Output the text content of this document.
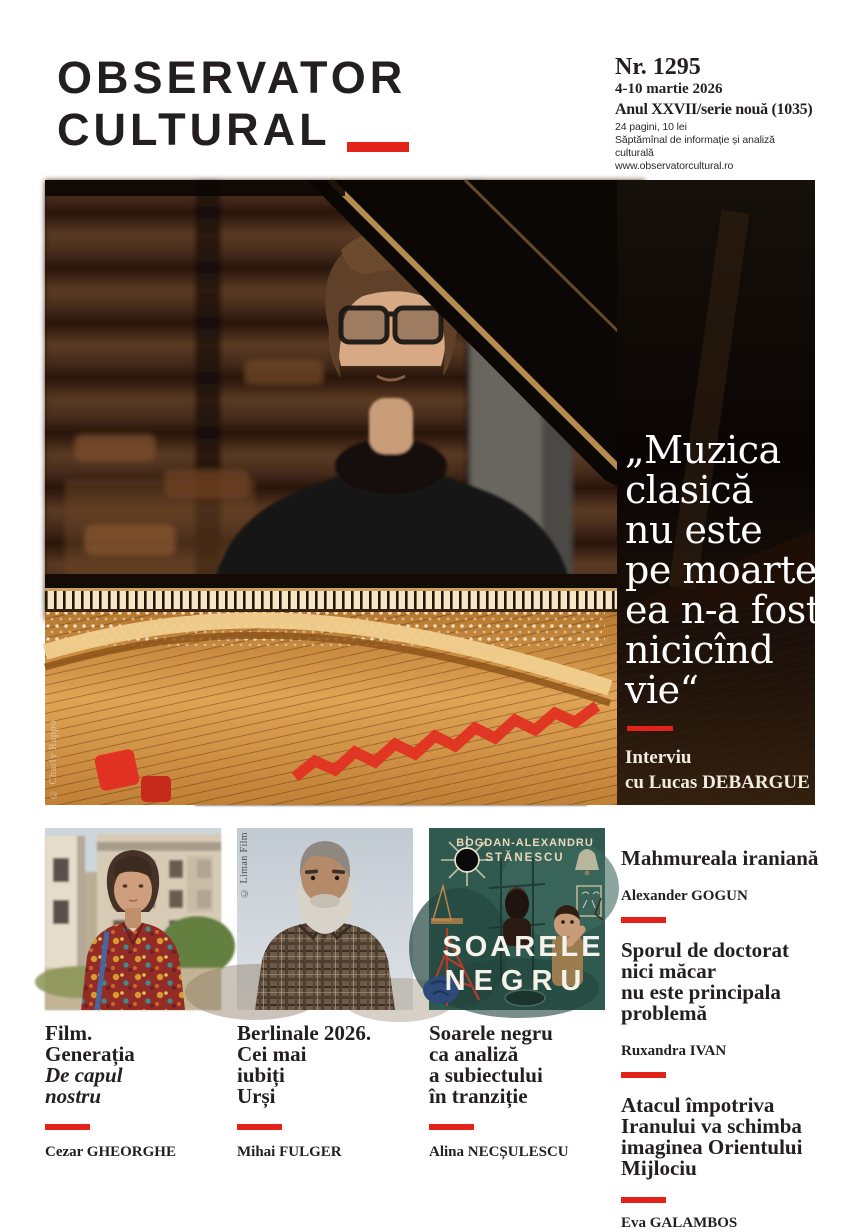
OBSERVATOR
CULTURAL
Nr. 1295
4-10 martie 2026
Anul XXVII/serie nouă (1035)
24 pagini, 10 lei
Săptămînal de informație și analiză culturală
www.observatorcultural.ro
© Charly Rappo
„Muzica
clasică
nu este
pe moarte,
ea n-a fost
nicicînd
vie“
Interviu
cu Lucas DEBARGUE
Film.
Generația
De capul
nostru
Cezar GHEORGHE
© Liman Film
Berlinale 2026.
Cei mai
iubiți
Urși
Mihai FULGER
BOGDAN-ALEXANDRU
STĂNESCU
SOARELE
NEGRU
Soarele negru
ca analiză
a subiectului
în tranziție
Alina NECȘULESCU
Mahmureala iraniană
Alexander GOGUN
Sporul de doctorat
nici măcar
nu este principala
problemă
Ruxandra IVAN
Atacul împotriva
Iranului va schimba
imaginea Orientului
Mijlociu
Eva GALAMBOS
